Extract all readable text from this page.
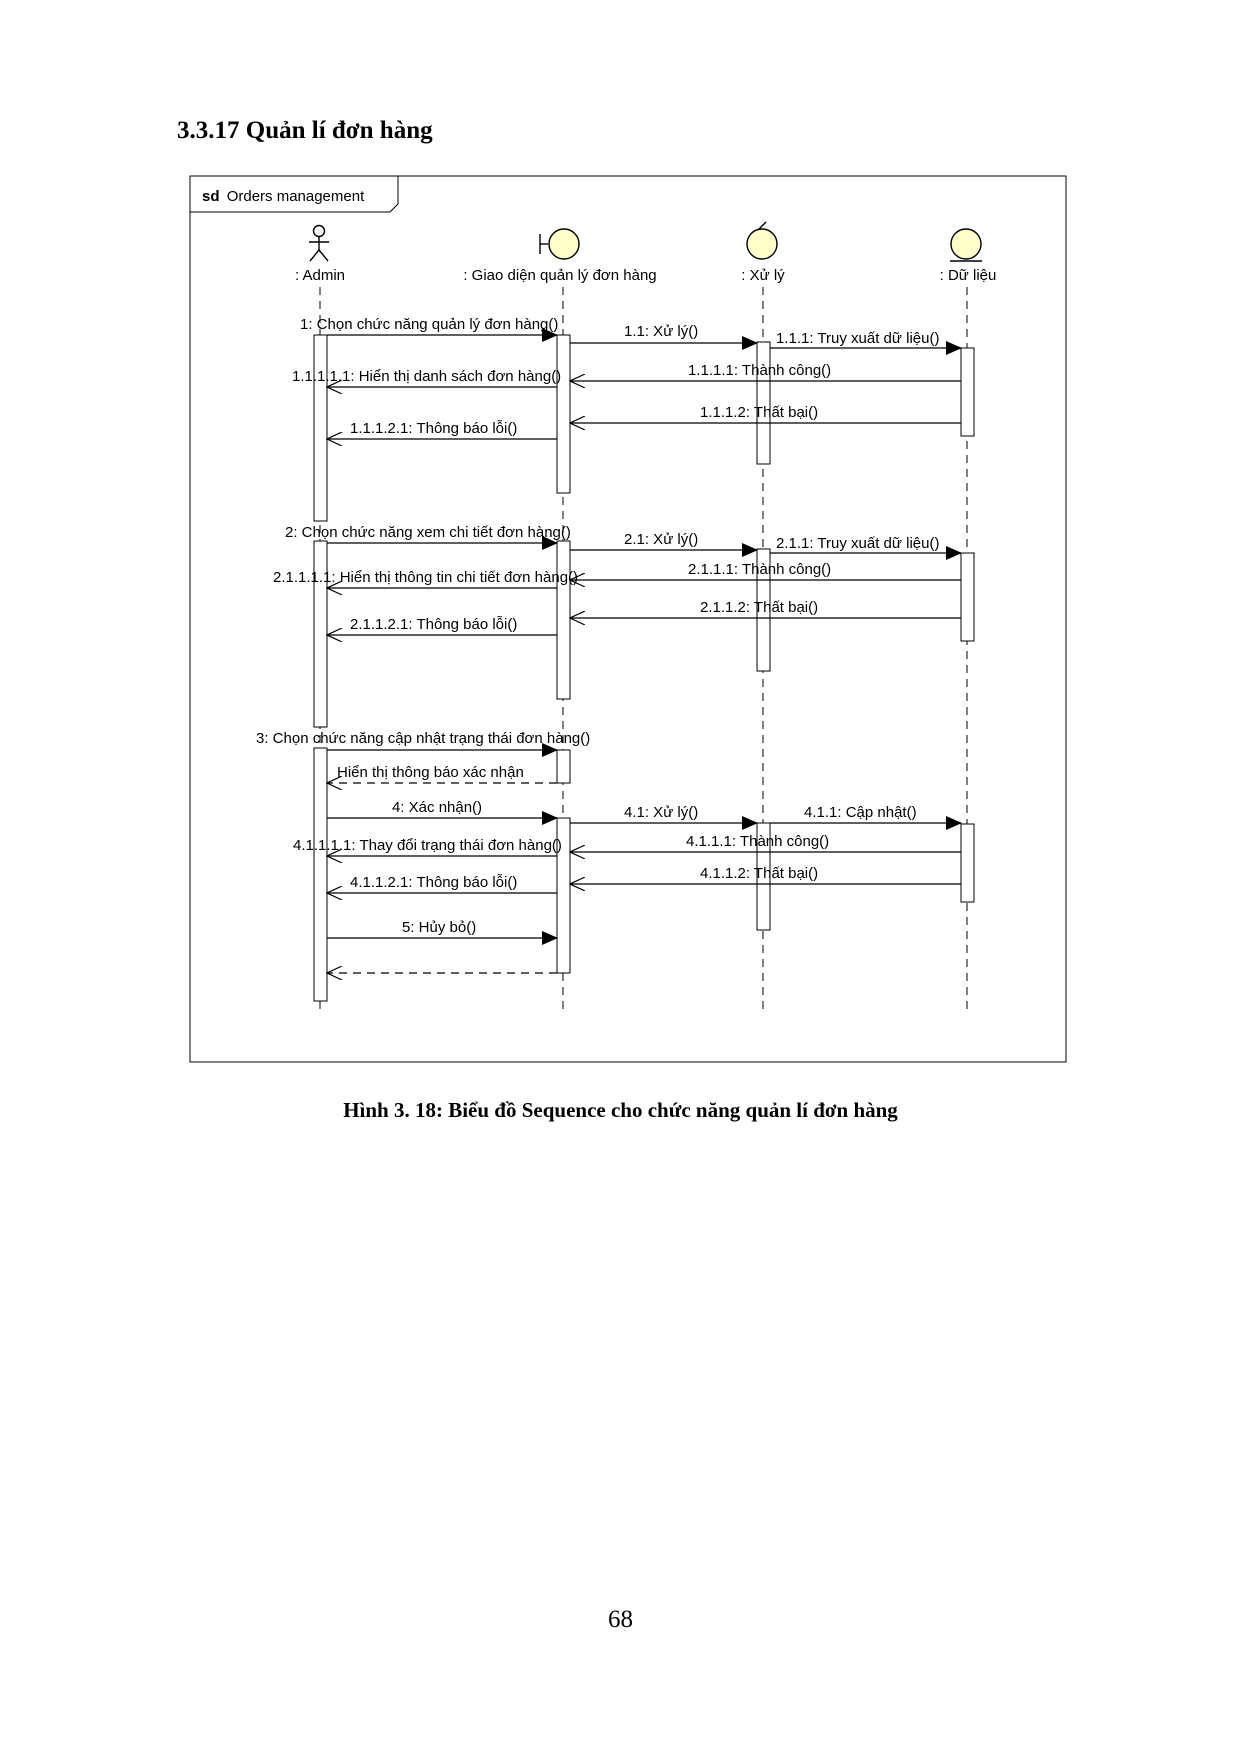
3.3.17 Quản lí đơn hàng
sd Orders management
: Admin	: Giao diện quản lý đơn hàng	: Xử lý	: Dữ liệu
1: Chọn chức năng quản lý đơn hàng()	1.1: Xử lý()	1.1.1: Truy xuất dữ liệu()
1.1.1.1: Thành công()
1.1.1.1.1: Hiển thị danh sách đơn hàng()
1.1.1.2: Thất bại()
1.1.1.2.1: Thông báo lỗi()
2: Chọn chức năng xem chi tiết đơn hàng()	2.1: Xử lý()	2.1.1: Truy xuất dữ liệu()
2.1.1.1: Thành công()
2.1.1.1.1: Hiển thị thông tin chi tiết đơn hàng()
2.1.1.2: Thất bại()
2.1.1.2.1: Thông báo lỗi()
3: Chọn chức năng cập nhật trạng thái đơn hàng()
Hiển thị thông báo xác nhận
4: Xác nhận()	4.1: Xử lý()	4.1.1: Cập nhật()
4.1.1.1: Thành công()
4.1.1.1.1: Thay đổi trạng thái đơn hàng()
4.1.1.2: Thất bại()
4.1.1.2.1: Thông báo lỗi()
5: Hủy bỏ()
Hình 3. 18: Biểu đồ Sequence cho chức năng quản lí đơn hàng
68
